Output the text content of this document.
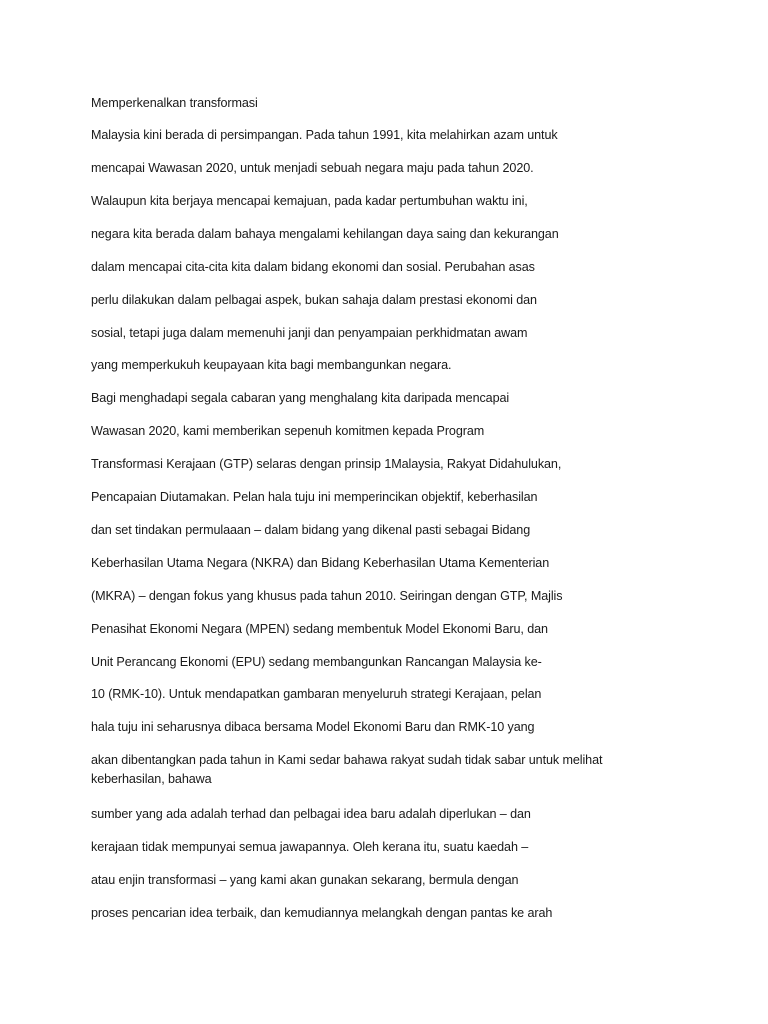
Memperkenalkan transformasi
Malaysia kini berada di persimpangan. Pada tahun 1991, kita melahirkan azam untuk
mencapai Wawasan 2020, untuk menjadi sebuah negara maju pada tahun 2020.
Walaupun kita berjaya mencapai kemajuan, pada kadar pertumbuhan waktu ini,
negara kita berada dalam bahaya mengalami kehilangan daya saing dan kekurangan
dalam mencapai cita-cita kita dalam bidang ekonomi dan sosial. Perubahan asas
perlu dilakukan dalam pelbagai aspek, bukan sahaja dalam prestasi ekonomi dan
sosial, tetapi juga dalam memenuhi janji dan penyampaian perkhidmatan awam
yang memperkukuh keupayaan kita bagi membangunkan negara.
Bagi menghadapi segala cabaran yang menghalang kita daripada mencapai
Wawasan 2020, kami memberikan sepenuh komitmen kepada Program
Transformasi Kerajaan (GTP) selaras dengan prinsip 1Malaysia, Rakyat Didahulukan,
Pencapaian Diutamakan. Pelan hala tuju ini memperincikan objektif, keberhasilan
dan set tindakan permulaaan – dalam bidang yang dikenal pasti sebagai Bidang
Keberhasilan Utama Negara (NKRA) dan Bidang Keberhasilan Utama Kementerian
(MKRA) – dengan fokus yang khusus pada tahun 2010. Seiringan dengan GTP, Majlis
Penasihat Ekonomi Negara (MPEN) sedang membentuk Model Ekonomi Baru, dan
Unit Perancang Ekonomi (EPU) sedang membangunkan Rancangan Malaysia ke-
10 (RMK-10). Untuk mendapatkan gambaran menyeluruh strategi Kerajaan, pelan
hala tuju ini seharusnya dibaca bersama Model Ekonomi Baru dan RMK-10 yang
akan dibentangkan pada tahun in Kami sedar bahawa rakyat sudah tidak sabar untuk melihat keberhasilan, bahawa
sumber yang ada adalah terhad dan pelbagai idea baru adalah diperlukan – dan
kerajaan tidak mempunyai semua jawapannya. Oleh kerana itu, suatu kaedah –
atau enjin transformasi – yang kami akan gunakan sekarang, bermula dengan
proses pencarian idea terbaik, dan kemudiannya melangkah dengan pantas ke arah
